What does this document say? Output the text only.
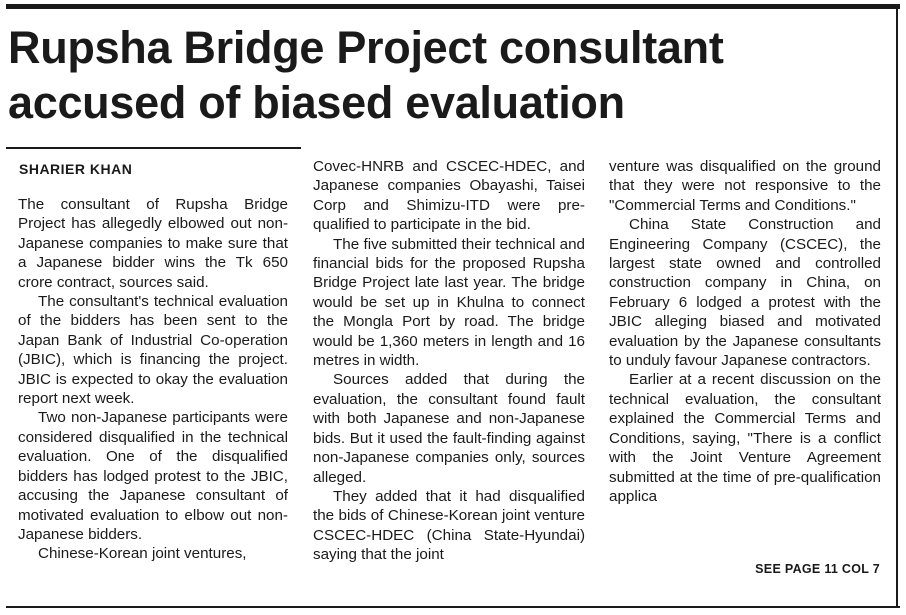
Rupsha Bridge Project consultant
accused of biased evaluation
SHARIER KHAN

The consultant of Rupsha Bridge Project has allegedly elbowed out non-Japanese companies to make sure that a Japanese bidder wins the Tk 650 crore contract, sources said.

The consultant's technical evaluation of the bidders has been sent to the Japan Bank of Industrial Co-operation (JBIC), which is financing the project. JBIC is expected to okay the evaluation report next week.

Two non-Japanese participants were considered disqualified in the technical evaluation. One of the disqualified bidders has lodged protest to the JBIC, accusing the Japanese consultant of motivated evaluation to elbow out non-Japanese bidders.

Chinese-Korean joint ventures,

Covec-HNRB and CSCEC-HDEC, and Japanese companies Obayashi, Taisei Corp and Shimizu-ITD were pre-qualified to participate in the bid.

The five submitted their technical and financial bids for the proposed Rupsha Bridge Project late last year. The bridge would be set up in Khulna to connect the Mongla Port by road. The bridge would be 1,360 meters in length and 16 metres in width.

Sources added that during the evaluation, the consultant found fault with both Japanese and non-Japanese bids. But it used the fault-finding against non-Japanese companies only, sources alleged.

They added that it had disqualified the bids of Chinese-Korean joint venture CSCEC-HDEC (China State-Hyundai) saying that the joint

venture was disqualified on the ground that they were not responsive to the "Commercial Terms and Conditions."

China State Construction and Engineering Company (CSCEC), the largest state owned and controlled construction company in China, on February 6 lodged a protest with the JBIC alleging biased and motivated evaluation by the Japanese consultants to unduly favour Japanese contractors.

Earlier at a recent discussion on the technical evaluation, the consultant explained the Commercial Terms and Conditions, saying, "There is a conflict with the Joint Venture Agreement submitted at the time of pre-qualification applica

SEE PAGE 11 COL 7
